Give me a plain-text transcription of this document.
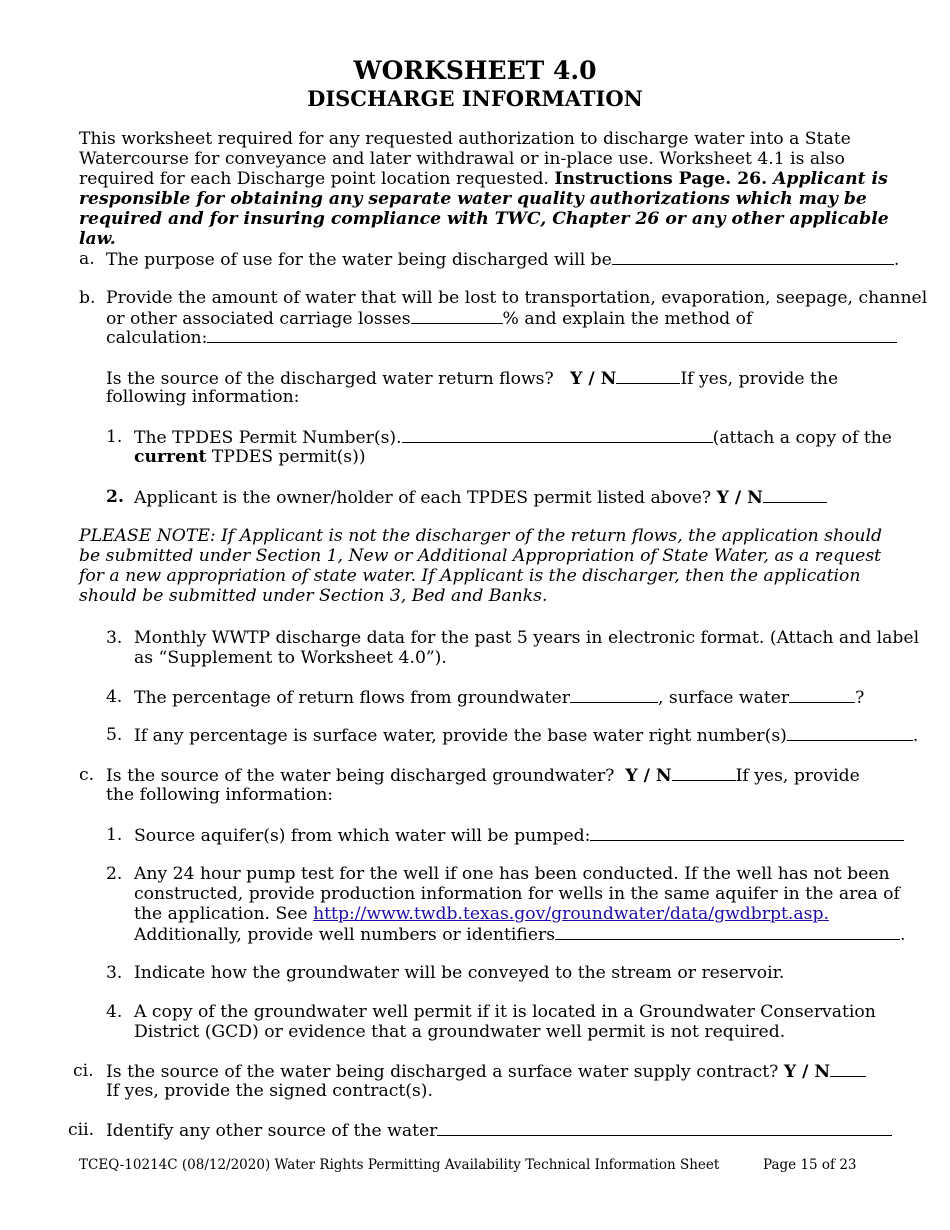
WORKSHEET 4.0
DISCHARGE INFORMATION
This worksheet required for any requested authorization to discharge water into a State Watercourse for conveyance and later withdrawal or in-place use. Worksheet 4.1 is also required for each Discharge point location requested. Instructions Page. 26. Applicant is responsible for obtaining any separate water quality authorizations which may be required and for insuring compliance with TWC, Chapter 26 or any other applicable law.
a. The purpose of use for the water being discharged will be	.
b. Provide the amount of water that will be lost to transportation, evaporation, seepage, channel
or other associated carriage losses	% and explain the method of
calculation:
Is the source of the discharged water return flows? Y / N	If yes, provide the
following information:
1. The TPDES Permit Number(s).	(attach a copy of the
current TPDES permit(s))
2. Applicant is the owner/holder of each TPDES permit listed above? Y / N
PLEASE NOTE: If Applicant is not the discharger of the return flows, the application should be submitted under Section 1, New or Additional Appropriation of State Water, as a request for a new appropriation of state water. If Applicant is the discharger, then the application should be submitted under Section 3, Bed and Banks.
3. Monthly WWTP discharge data for the past 5 years in electronic format. (Attach and label
as “Supplement to Worksheet 4.0”).
4. The percentage of return flows from groundwater	, surface water	?
5. If any percentage is surface water, provide the base water right number(s)	.
c. Is the source of the water being discharged groundwater? Y / N	If yes, provide
the following information:
1. Source aquifer(s) from which water will be pumped:
2. Any 24 hour pump test for the well if one has been conducted. If the well has not been
constructed, provide production information for wells in the same aquifer in the area of
the application. See http://www.twdb.texas.gov/groundwater/data/gwdbrpt.asp.
Additionally, provide well numbers or identifiers	.
3. Indicate how the groundwater will be conveyed to the stream or reservoir.
4. A copy of the groundwater well permit if it is located in a Groundwater Conservation
District (GCD) or evidence that a groundwater well permit is not required.
ci. Is the source of the water being discharged a surface water supply contract? Y / N
If yes, provide the signed contract(s).
cii. Identify any other source of the water
TCEQ-10214C (08/12/2020) Water Rights Permitting Availability Technical Information Sheet	Page 15 of 23
